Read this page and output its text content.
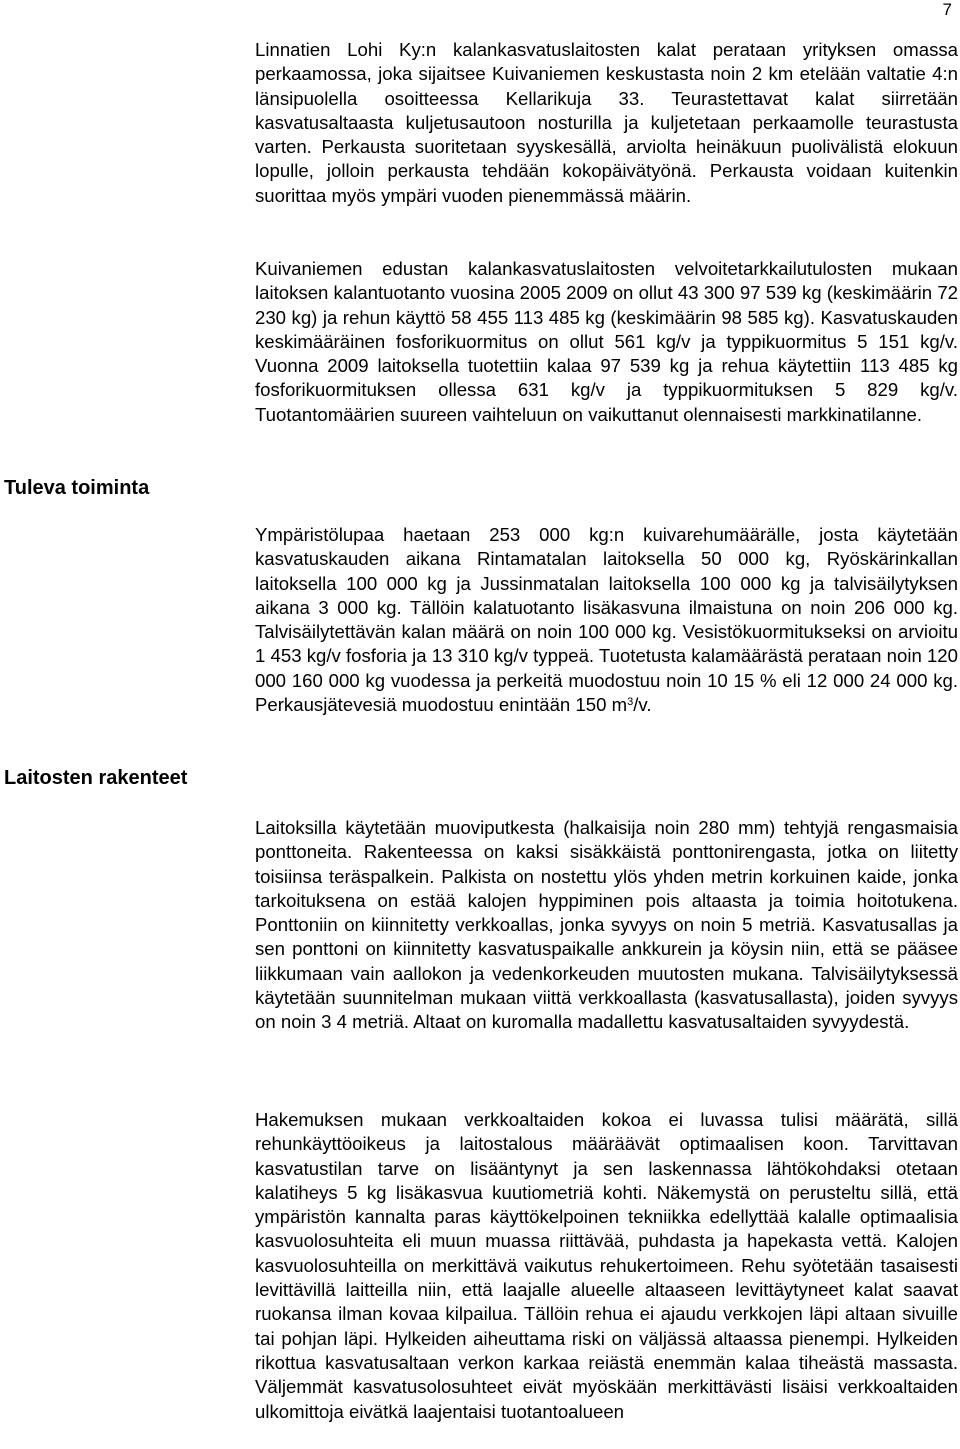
7

Linnatien Lohi Ky:n kalankasvatuslaitosten kalat perataan yrityksen omassa perkaamossa, joka sijaitsee Kuivaniemen keskustasta noin 2 km etelään valtatie 4:n länsipuolella osoitteessa Kellarikuja 33. Teurastettavat kalat siirretään kasvatusaltaasta kuljetusautoon nosturilla ja kuljetetaan perkaamolle teurastusta varten. Perkausta suoritetaan syyskesällä, arviolta heinäkuun puolivälistä elokuun lopulle, jolloin perkausta tehdään kokopäivätyönä. Perkausta voidaan kuitenkin suorittaa myös ympäri vuoden pienemmässä määrin.

Kuivaniemen edustan kalankasvatuslaitosten velvoitetarkkailutulosten mukaan laitoksen kalantuotanto vuosina 2005 2009 on ollut 43 300 97 539 kg (keskimäärin 72 230 kg) ja rehun käyttö 58 455 113 485 kg (keskimäärin 98 585 kg). Kasvatuskauden keskimääräinen fosforikuormitus on ollut 561 kg/v ja typpikuormitus 5 151 kg/v. Vuonna 2009 laitoksella tuotettiin kalaa 97 539 kg ja rehua käytettiin 113 485 kg fosforikuormituksen ollessa 631 kg/v ja typpikuormituksen 5 829 kg/v. Tuotantomäärien suureen vaihteluun on vaikuttanut olennaisesti markkinatilanne.

Tuleva toiminta

Ympäristölupaa haetaan 253 000 kg:n kuivarehumäärälle, josta käytetään kasvatuskauden aikana Rintamatalan laitoksella 50 000 kg, Ryöskärinkallan laitoksella 100 000 kg ja Jussinmatalan laitoksella 100 000 kg ja talvisäilytyksen aikana 3 000 kg. Tällöin kalatuotanto lisäkasvuna ilmaistuna on noin 206 000 kg. Talvisäilytettävän kalan määrä on noin 100 000 kg. Vesistökuormitukseksi on arvioitu 1 453 kg/v fosforia ja 13 310 kg/v typpeä. Tuotetusta kalamäärästä perataan noin 120 000 160 000 kg vuodessa ja perkeitä muodostuu noin 10 15 % eli 12 000 24 000 kg. Perkausjätevesiä muodostuu enintään 150 $m^3/v$.

Laitosten rakenteet

Laitoksilla käytetään muoviputkesta (halkaisija noin 280 mm) tehtyjä rengasmaisia ponttoneita. Rakenteessa on kaksi sisäkkäistä ponttonirengasta, jotka on liitetty toisiinsa teräspalkein. Palkista on nostettu ylös yhden metrin korkuinen kaide, jonka tarkoituksena on estää kalojen hyppiminen pois altaasta ja toimia hoitotukena. Ponttoniin on kiinnitetty verkkoallas, jonka syvyys on noin 5 metriä. Kasvatusallas ja sen ponttoni on kiinnitetty kasvatuspaikalle ankkurein ja köysin niin, että se pääsee liikkumaan vain aallokon ja vedenkorkeuden muutosten mukana. Talvisäilytyksessä käytetään suunnitelman mukaan viittä verkkoallasta (kasvatusallasta), joiden syvyys on noin 3 4 metriä. Altaat on kuromalla madallettu kasvatusaltaiden syvyydestä.

Hakemuksen mukaan verkkoaltaiden kokoa ei luvassa tulisi määrätä, sillä rehunkäyttöoikeus ja laitostalous määräävät optimaalisen koon. Tarvittavan kasvatustilan tarve on lisääntynyt ja sen laskennassa lähtökohdaksi otetaan kalatiheys 5 kg lisäkasvua kuutiometriä kohti. Näkemystä on perusteltu sillä, että ympäristön kannalta paras käyttökelpoinen tekniikka edellyttää kalalle optimaalisia kasvuolosuhteita eli muun muassa riittävää, puhdasta ja hapekasta vettä. Kalojen kasvuolosuhteilla on merkittävä vaikutus rehukertoimeen. Rehu syötetään tasaisesti levittävillä laitteilla niin, että laajalle alueelle altaaseen levittäytyneet kalat saavat ruokansa ilman kovaa kilpailua. Tällöin rehua ei ajaudu verkkojen läpi altaan sivuille tai pohjan läpi. Hylkeiden aiheuttama riski on väljässä altaassa pienempi. Hylkeiden rikottua kasvatusaltaan verkon karkaa reiästä enemmän kalaa tiheästä massasta. Väljemmät kasvatusolosuhteet eivät myöskään merkittävästi lisäisi verkkoaltaiden ulkomittoja eivätkä laajentaisi tuotantoalueen
